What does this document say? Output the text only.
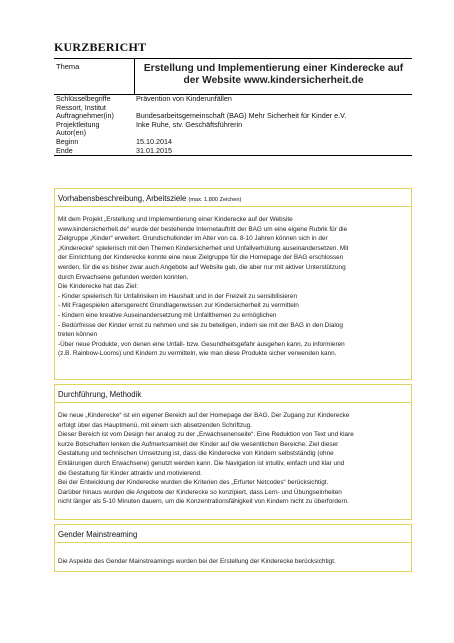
KURZBERICHT
Thema	Erstellung und Implementierung einer Kinderecke auf der Website www.kindersicherheit.de
Schlüsselbegriffe	Prävention von Kinderunfällen
Ressort, Institut
Auftragnehmer(in)	Bundesarbeitsgemeinschaft (BAG) Mehr Sicherheit für Kinder e.V.
Projektleitung	Inke Ruhe, stv. Geschäftsführerin
Autor(en)
Beginn	15.10.2014
Ende	31.01.2015
Vorhabensbeschreibung, Arbeitsziele (max. 1.800 Zeichen)
Mit dem Projekt „Erstellung und Implementierung einer Kinderecke auf der Website
www.kindersicherheit.de“ wurde der bestehende Internetauftritt der BAG um eine eigene Rubrik für die
Zielgruppe „Kinder“ erweitert. Grundschulkinder im Alter von ca. 8-10 Jahren können sich in der
„Kinderecke“ spielerisch mit den Themen Kindersicherheit und Unfallverhütung auseinandersetzen. Mit
der Einrichtung der Kinderecke konnte eine neue Zielgruppe für die Homepage der BAG erschlossen
werden, für die es bisher zwar auch Angebote auf Website gab, die aber nur mit aktiver Unterstützung
durch Erwachsene gefunden werden konnten.
Die Kinderecke hat das Ziel:
- Kinder spielerisch für Unfallrisiken im Haushalt und in der Freizeit zu sensibilisieren
- Mit Fragespielen altersgerecht Grundlagenwissen zur Kindersicherheit zu vermitteln
- Kindern eine kreative Auseinandersetzung mit Unfallthemen zu ermöglichen
- Bedürfnisse der Kinder ernst zu nehmen und sie zu beteiligen, indem sie mit der BAG in den Dialog
treten können
-Über neue Produkte, von denen eine Unfall- bzw. Gesundheitsgefahr ausgehen kann, zu informieren
(z.B. Rainbow-Looms) und Kindern zu vermitteln, wie man diese Produkte sicher verwenden kann.
Durchführung, Methodik
Die neue „Kinderecke“ ist ein eigener Bereich auf der Homepage der BAG. Der Zugang zur Kinderecke
erfolgt über das Hauptmenü, mit einem sich absetzenden Schriftzug.
Dieser Bereich ist vom Design her analog zu der „Erwachsenenseite“. Eine Reduktion von Text und klare
kurze Botschaften lenken die Aufmerksamkeit der Kinder auf die wesentlichen Bereiche. Ziel dieser
Gestaltung und technischen Umsetzung ist, dass die Kinderecke von Kindern selbstständig (ohne
Erklärungen durch Erwachsene) genutzt werden kann. Die Navigation ist intuitiv, einfach und klar und
die Gestaltung für Kinder attraktiv und motivierend.
Bei der Entwicklung der Kinderecke wurden die Kriterien des „Erfurter Netcodes“ berücksichtigt.
Darüber hinaus wurden die Angebote der Kinderecke so konzipiert, dass Lern- und Übungseinheiten
nicht länger als 5-10 Minuten dauern, um die Konzentrationsfähigkeit von Kindern nicht zu überfordern.
Gender Mainstreaming
Die Aspekte des Gender Mainstreamings wurden bei der Erstellung der Kinderecke berücksichtigt.
